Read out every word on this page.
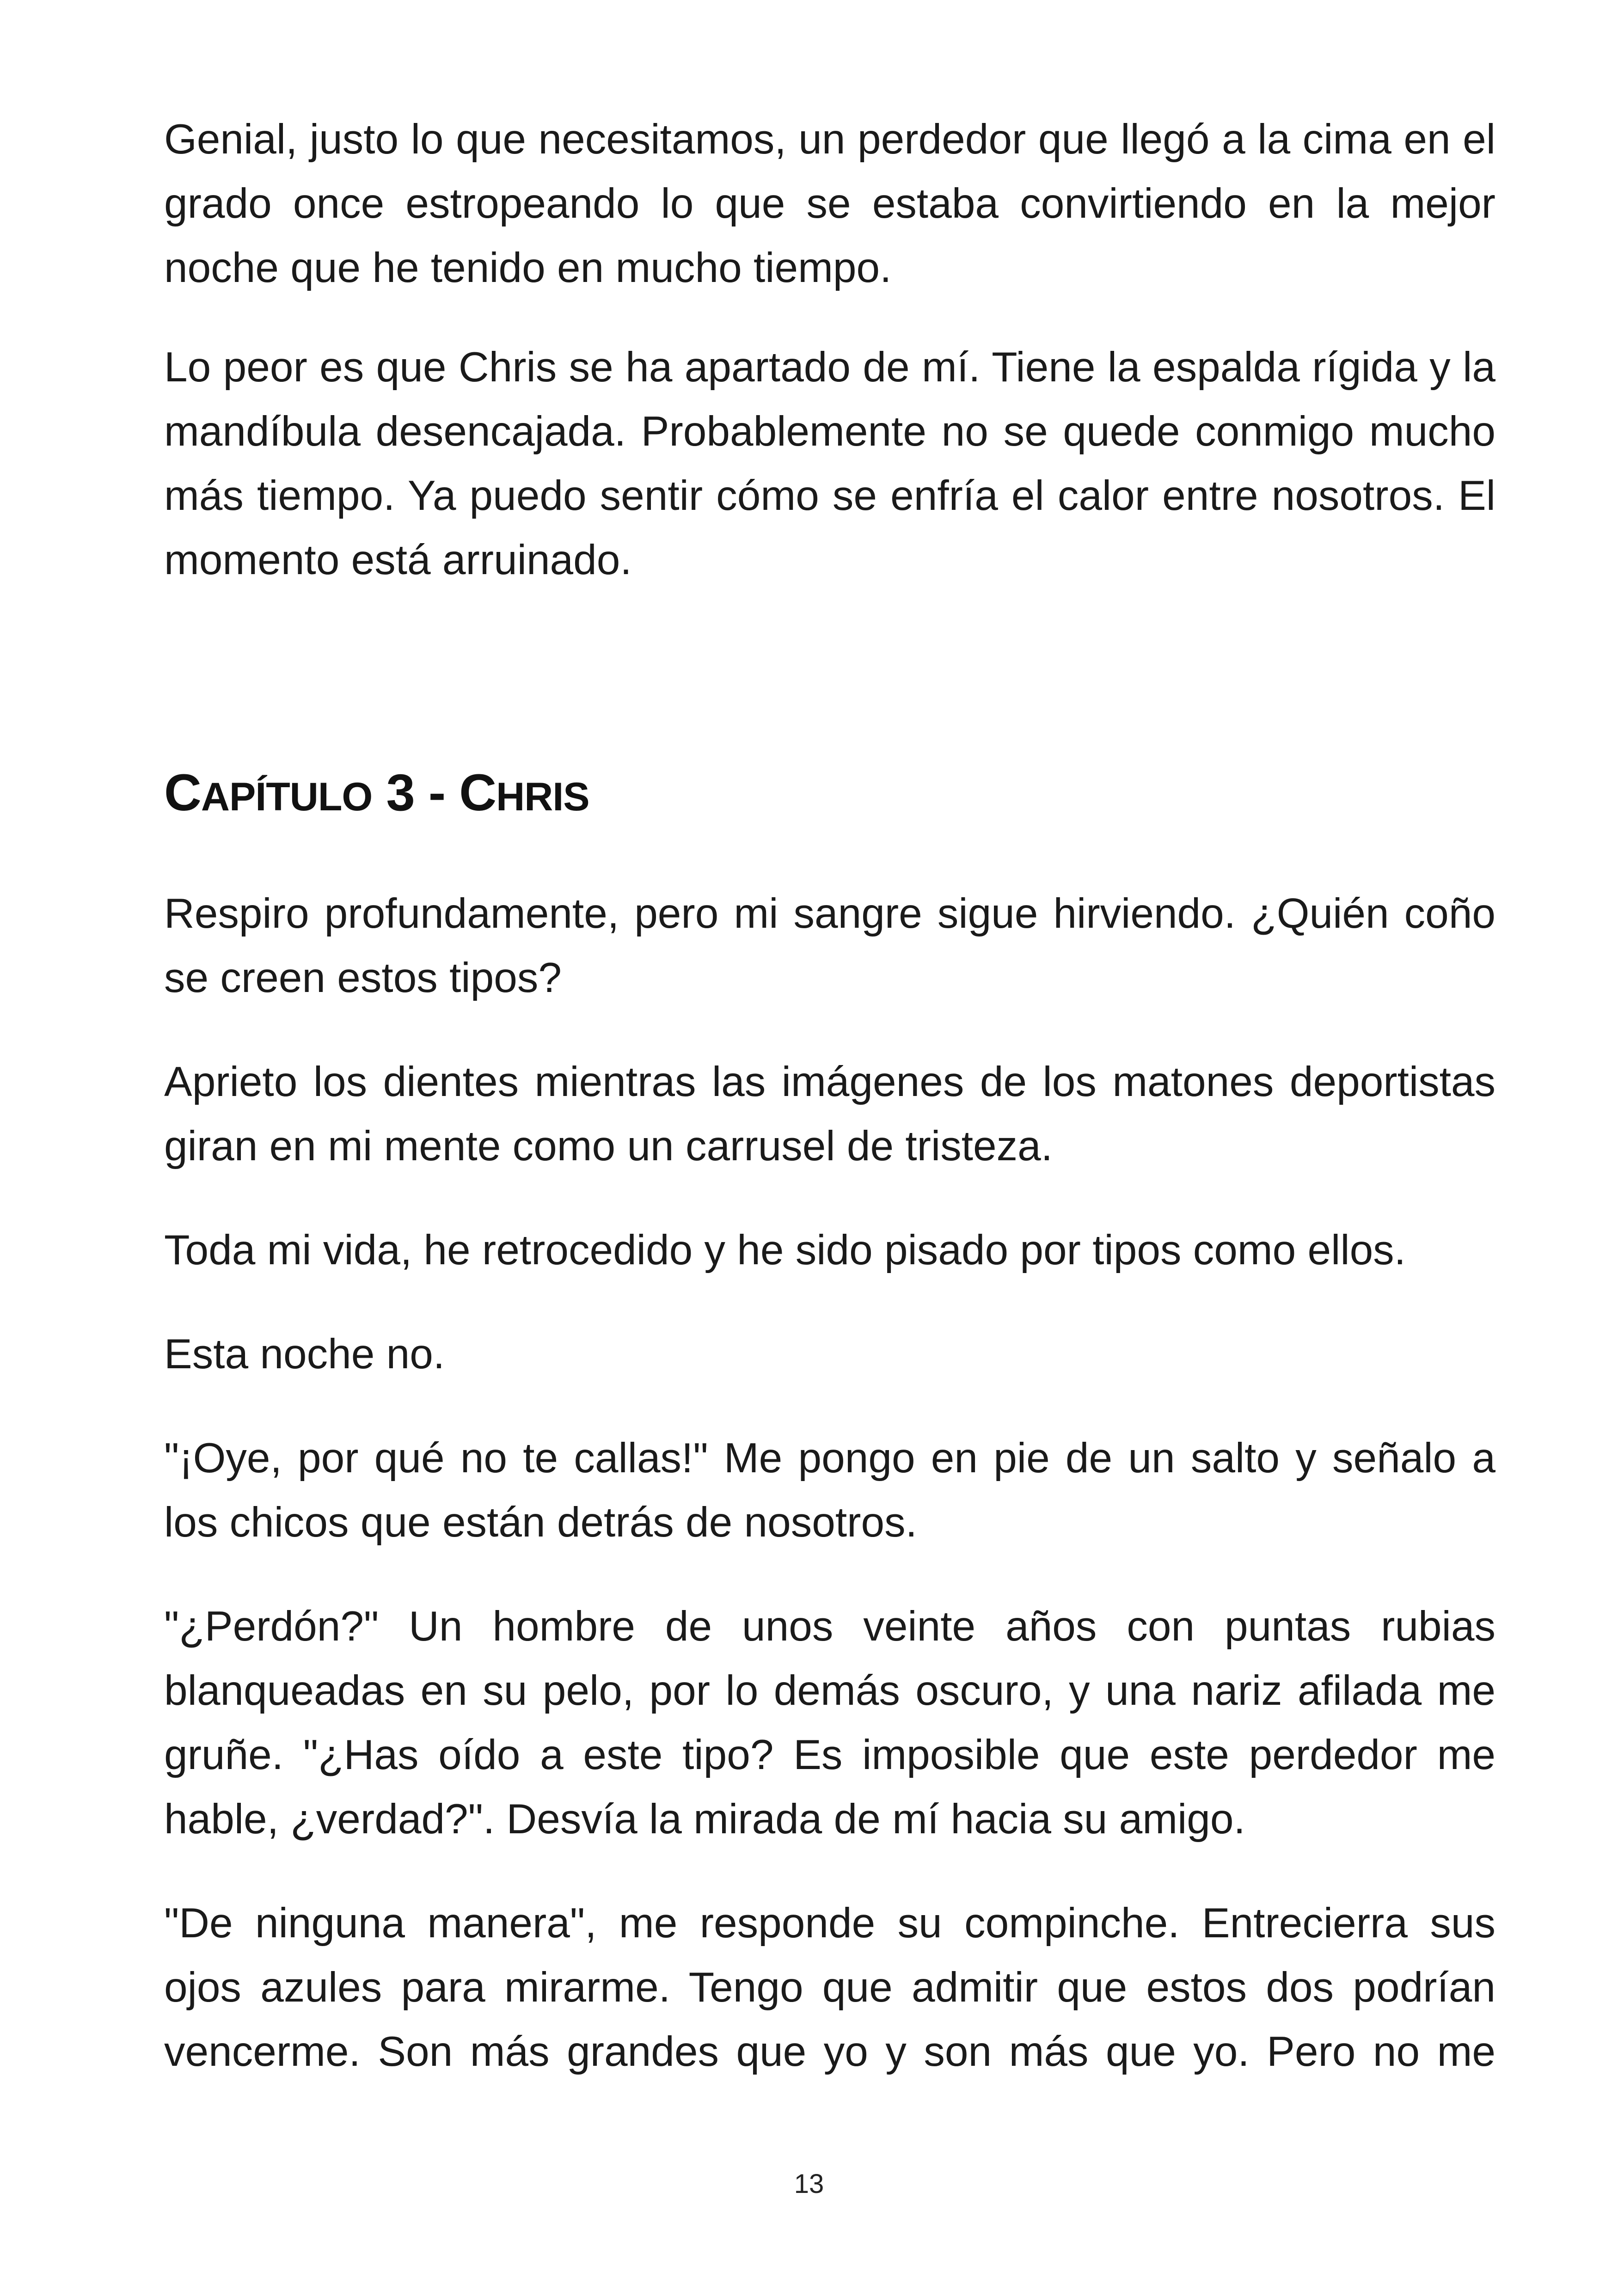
Genial, justo lo que necesitamos, un perdedor que llegó a la cima en el grado once estropeando lo que se estaba convirtiendo en la mejor noche que he tenido en mucho tiempo.

Lo peor es que Chris se ha apartado de mí. Tiene la espalda rígida y la mandíbula desencajada. Probablemente no se quede conmigo mucho más tiempo. Ya puedo sentir cómo se enfría el calor entre nosotros. El momento está arruinado.

CAPÍTULO 3 - CHRIS

Respiro profundamente, pero mi sangre sigue hirviendo. ¿Quién coño se creen estos tipos?

Aprieto los dientes mientras las imágenes de los matones deportistas giran en mi mente como un carrusel de tristeza.

Toda mi vida, he retrocedido y he sido pisado por tipos como ellos.

Esta noche no.

"¡Oye, por qué no te callas!" Me pongo en pie de un salto y señalo a los chicos que están detrás de nosotros.

"¿Perdón?" Un hombre de unos veinte años con puntas rubias blanqueadas en su pelo, por lo demás oscuro, y una nariz afilada me gruñe. "¿Has oído a este tipo? Es imposible que este perdedor me hable, ¿verdad?". Desvía la mirada de mí hacia su amigo.

"De ninguna manera", me responde su compinche. Entrecierra sus ojos azules para mirarme. Tengo que admitir que estos dos podrían vencerme. Son más grandes que yo y son más que yo. Pero no me

13
